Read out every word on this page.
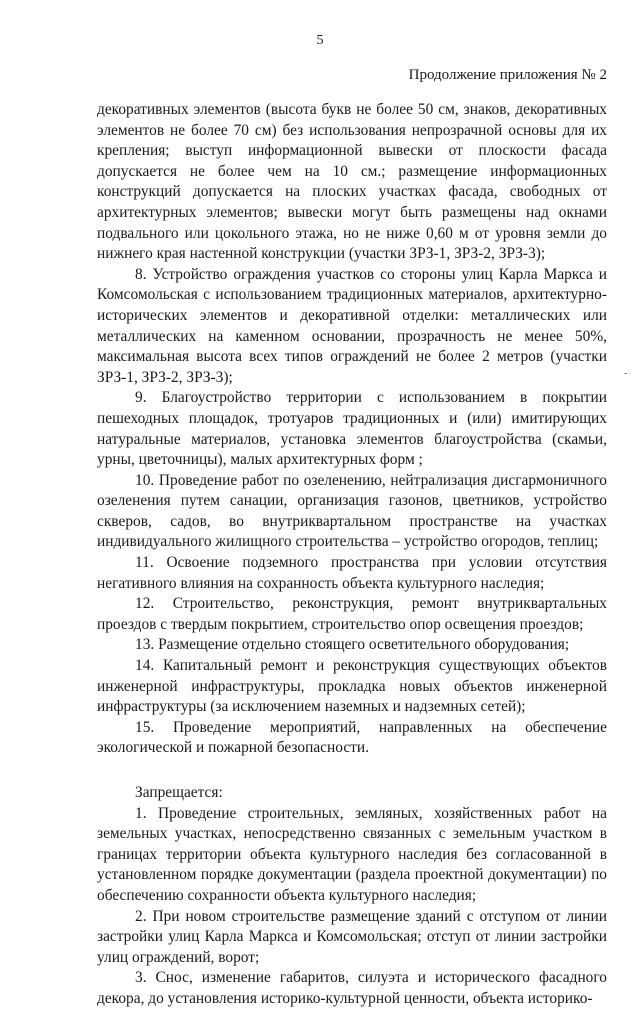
5
Продолжение приложения № 2
-

декоративных элементов (высота букв не более 50 см, знаков, декоративных элементов не более 70 см) без использования непрозрачной основы для их крепления; выступ информационной вывески от плоскости фасада допускается не более чем на 10 см.; размещение информационных конструкций допускается на плоских участках фасада, свободных от архитектурных элементов; вывески могут быть размещены над окнами подвального или цокольного этажа, но не ниже 0,60 м от уровня земли до нижнего края настенной конструкции (участки ЗРЗ-1, ЗРЗ-2, ЗРЗ-3);

8. Устройство ограждения участков со стороны улиц Карла Маркса и Комсомольская с использованием традиционных материалов, архитектурно-исторических элементов и декоративной отделки: металлических или металлических на каменном основании, прозрачность не менее 50%, максимальная высота всех типов ограждений не более 2 метров (участки ЗРЗ-1, ЗРЗ-2, ЗРЗ-3);

9. Благоустройство территории с использованием в покрытии пешеходных площадок, тротуаров традиционных и (или) имитирующих натуральные материалов, установка элементов благоустройства (скамьи, урны, цветочницы), малых архитектурных форм ;

10. Проведение работ по озеленению, нейтрализация дисгармоничного озеленения путем санации, организация газонов, цветников, устройство скверов, садов, во внутриквартальном пространстве на участках индивидуального жилищного строительства – устройство огородов, теплиц;

11. Освоение подземного пространства при условии отсутствия негативного влияния на сохранность объекта культурного наследия;

12. Строительство, реконструкция, ремонт внутриквартальных проездов с твердым покрытием, строительство опор освещения проездов;

13. Размещение отдельно стоящего осветительного оборудования;

14. Капитальный ремонт и реконструкция существующих объектов инженерной инфраструктуры, прокладка новых объектов инженерной инфраструктуры (за исключением наземных и надземных сетей);

15. Проведение мероприятий, направленных на обеспечение экологической и пожарной безопасности.

Запрещается:

1. Проведение строительных, земляных, хозяйственных работ на земельных участках, непосредственно связанных с земельным участком в границах территории объекта культурного наследия без согласованной в установленном порядке документации (раздела проектной документации) по обеспечению сохранности объекта культурного наследия;

2. При новом строительстве размещение зданий с отступом от линии застройки улиц Карла Маркса и Комсомольская; отступ от линии застройки улиц ограждений, ворот;

3. Снос, изменение габаритов, силуэта и исторического фасадного декора, до установления историко-культурной ценности, объекта историко-
